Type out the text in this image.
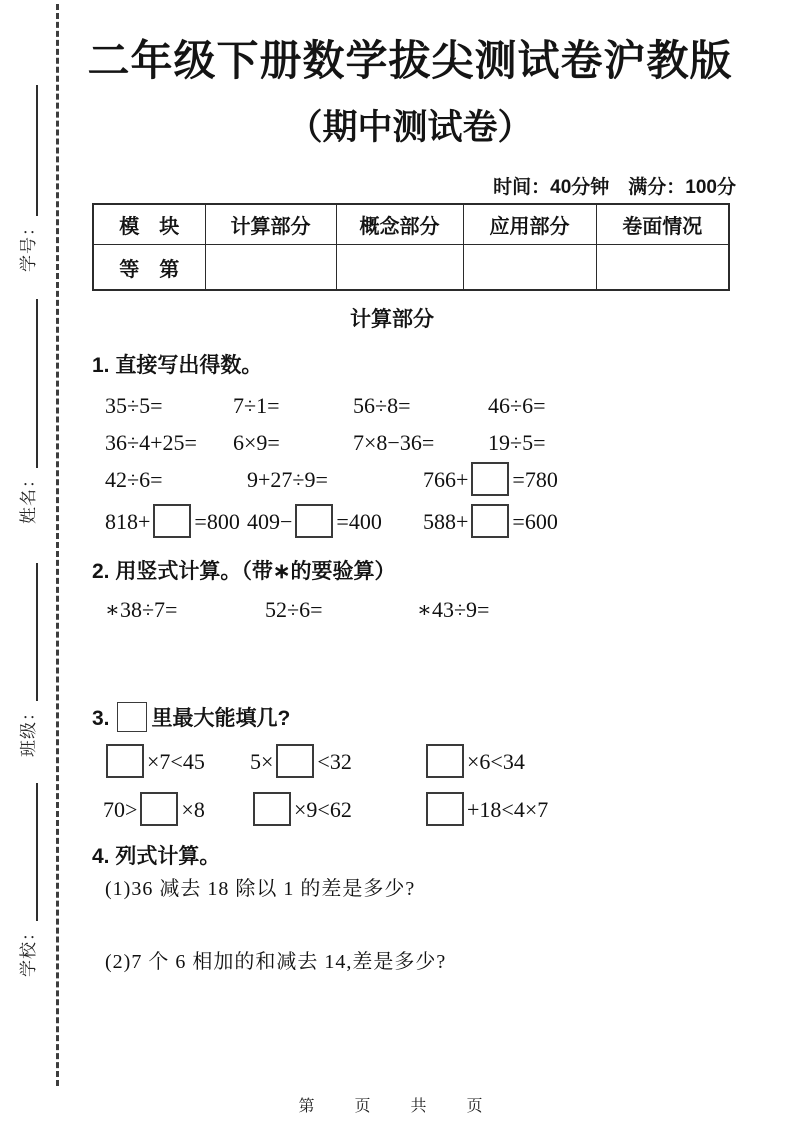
学号：
姓名：
班级：
学校：
二年级下册数学拔尖测试卷沪教版
（期中测试卷）
时间：40分钟　满分：100分
模　块	计算部分	概念部分	应用部分	卷面情况
等　第				
计算部分
1. 直接写出得数。
35÷5=	7÷1=	56÷8=	46÷6=
36÷4+25= 6×9=	7×8−36= 19÷5=
42÷6=	9+27÷9=	766+ =780
818+ =800 409− =400 588+ =600
2. 用竖式计算。（带∗的要验算）
∗38÷7=	52÷6=	∗43÷9=
3. 里最大能填几?
×7<45 5× <32	×6<34
70> ×8	×9<62	+18<4×7
4. 列式计算。
(1)36 减去 18 除以 1 的差是多少?
(2)7 个 6 相加的和减去 14,差是多少?
第　页　共　页
